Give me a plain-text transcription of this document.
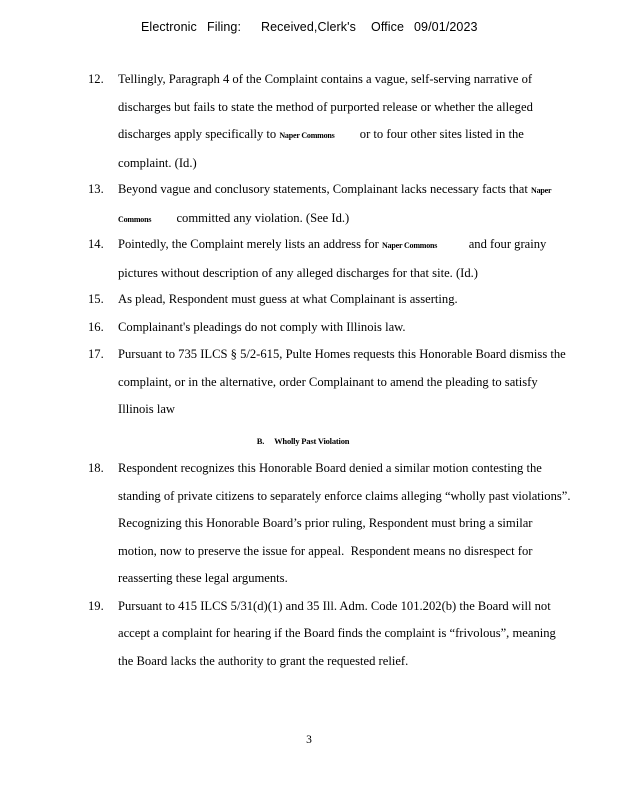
Electronic Filing: Received,Clerk's Office 09/01/2023
12.	Tellingly, Paragraph 4 of the Complaint contains a vague, self-serving narrative of
discharges but fails to state the method of purported release or whether the alleged
discharges apply specifically to Naper Commons        or to four other sites listed in the
complaint. (Id.)
13.	Beyond vague and conclusory statements, Complainant lacks necessary facts that Naper
Commons        committed any violation. (See Id.)
14.	Pointedly, the Complaint merely lists an address for Naper Commons          and four grainy
pictures without description of any alleged discharges for that site. (Id.)
15.	As plead, Respondent must guess at what Complainant is asserting.
16.	Complainant's pleadings do not comply with Illinois law.
17.	Pursuant to 735 ILCS § 5/2-615, Pulte Homes requests this Honorable Board dismiss the
complaint, or in the alternative, order Complainant to amend the pleading to satisfy
Illinois law
B. Wholly Past Violation
18.	Respondent recognizes this Honorable Board denied a similar motion contesting the
standing of private citizens to separately enforce claims alleging “wholly past violations”.
Recognizing this Honorable Board’s prior ruling, Respondent must bring a similar
motion, now to preserve the issue for appeal.  Respondent means no disrespect for
reasserting these legal arguments.
19.	Pursuant to 415 ILCS 5/31(d)(1) and 35 Ill. Adm. Code 101.202(b) the Board will not
accept a complaint for hearing if the Board finds the complaint is “frivolous”, meaning
the Board lacks the authority to grant the requested relief.
3
